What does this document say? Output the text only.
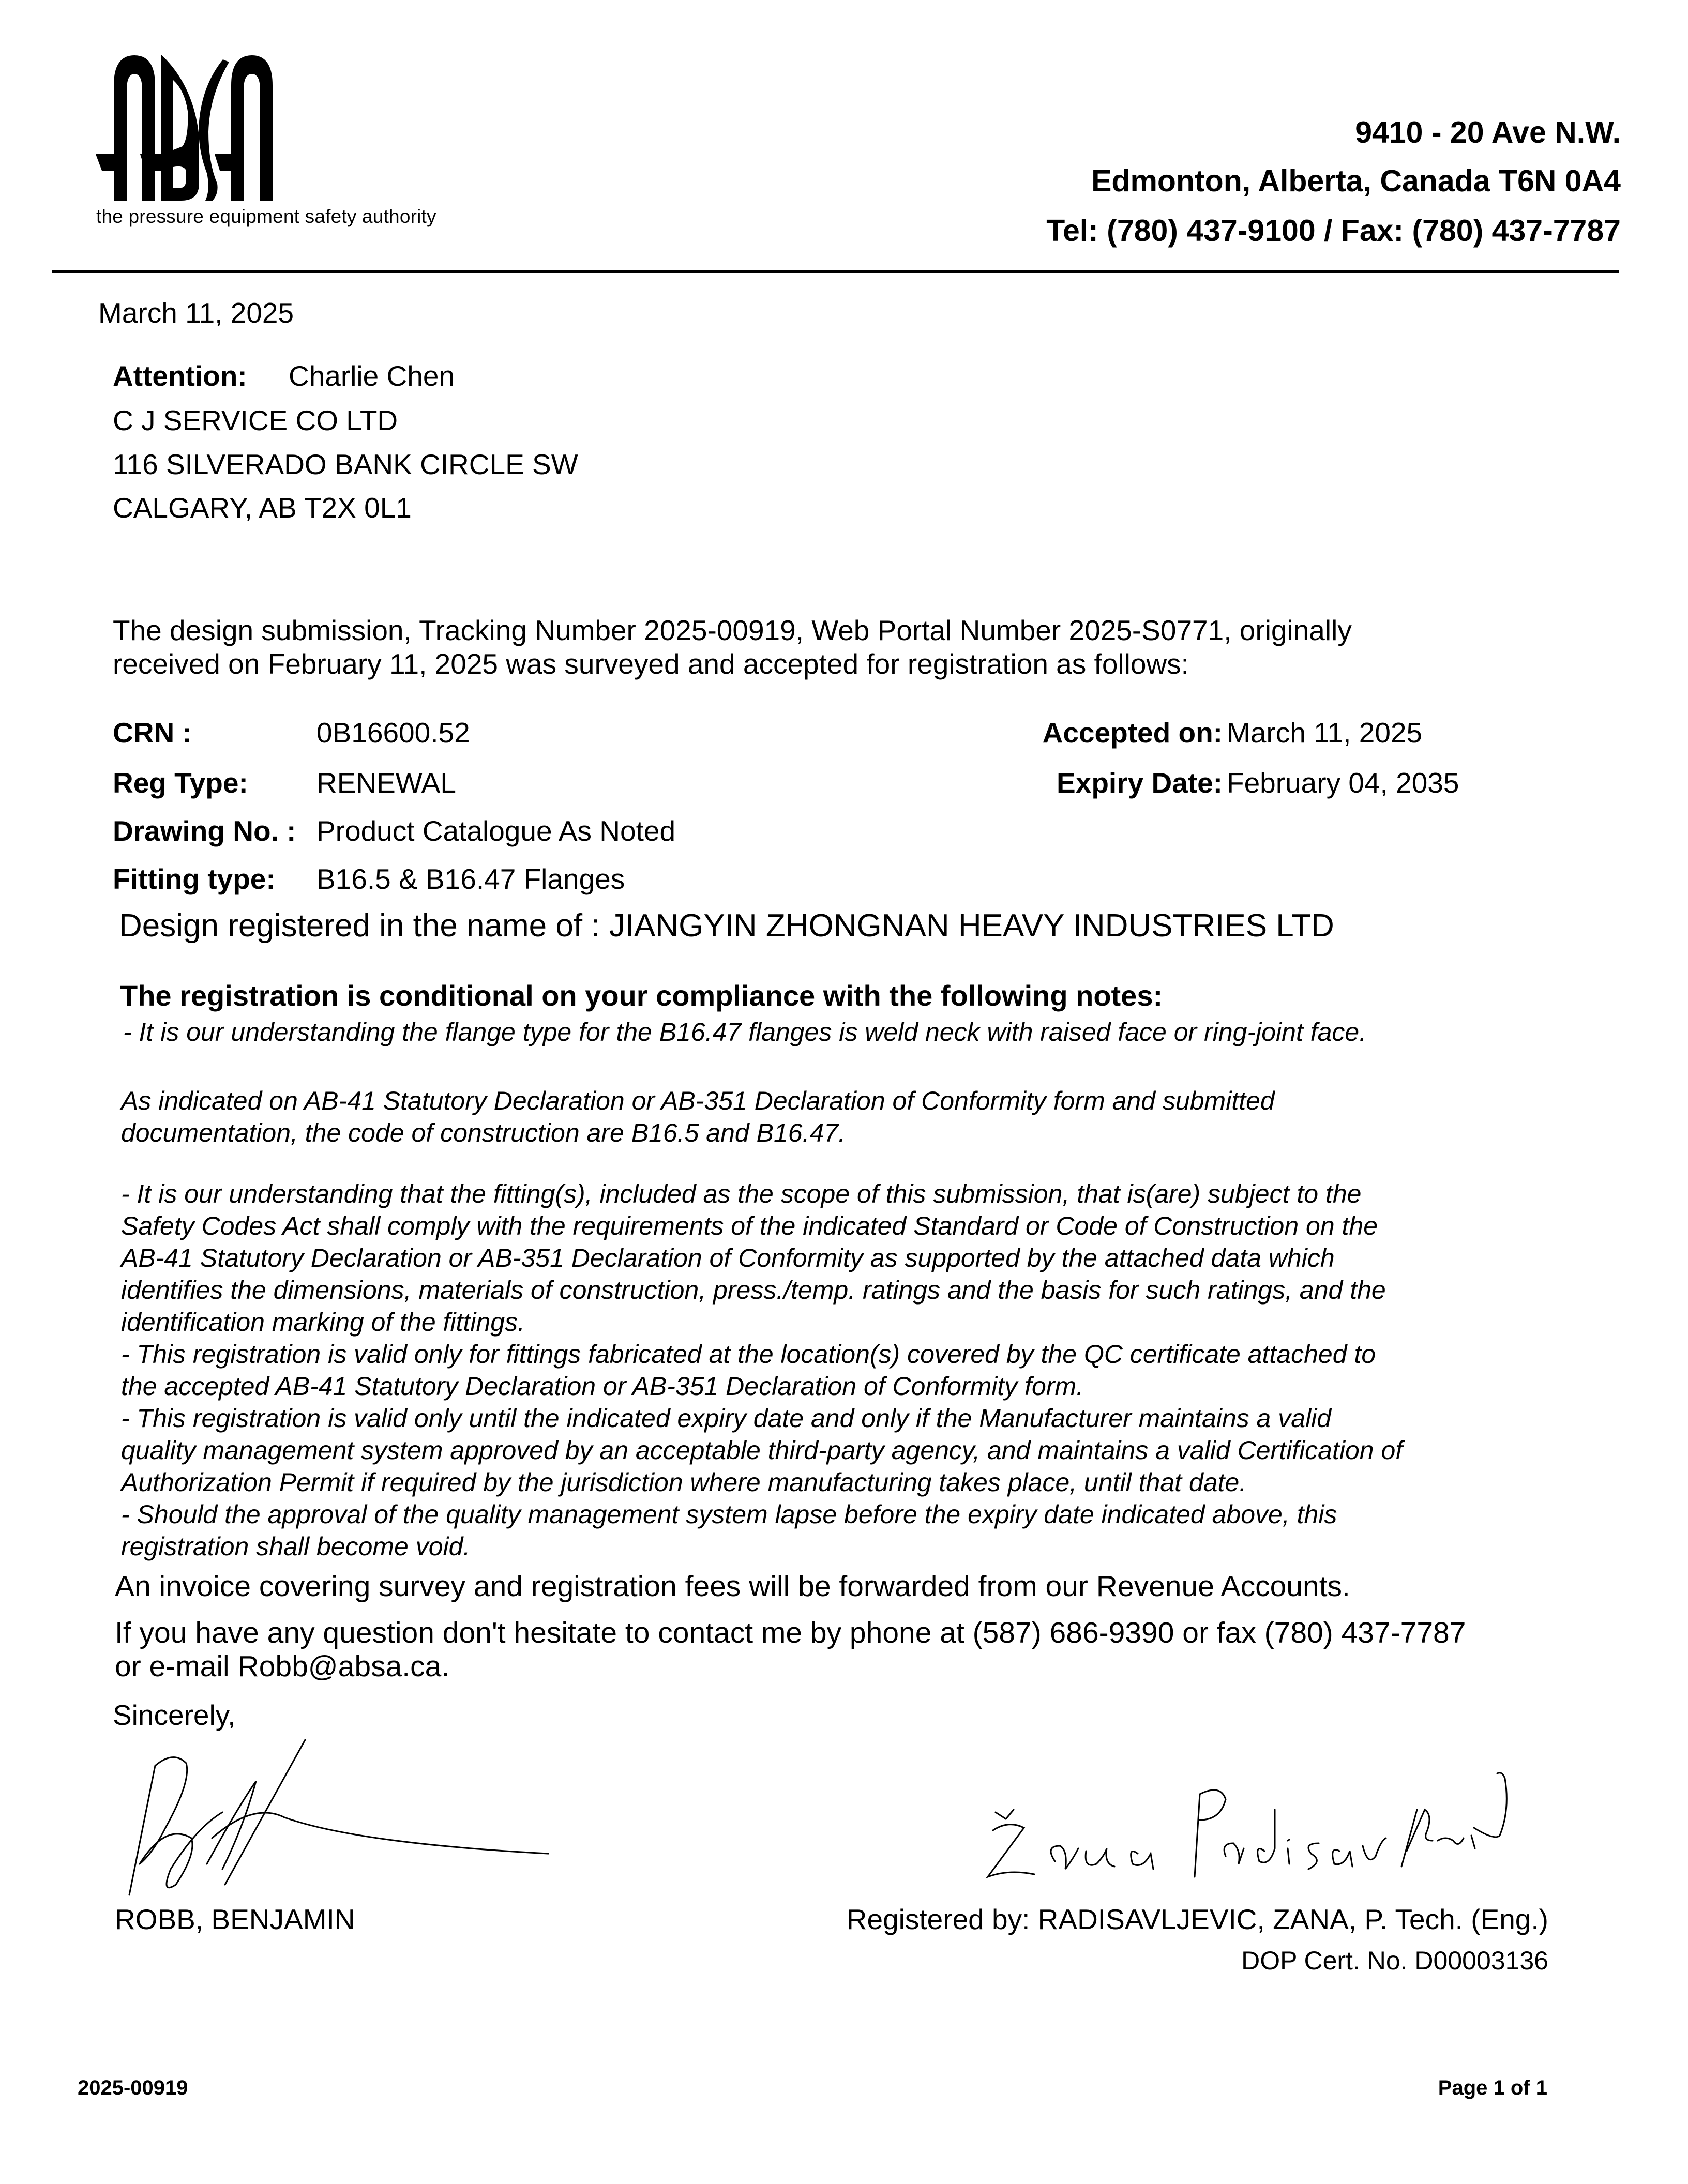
the pressure equipment safety authority
9410 - 20 Ave N.W.
Edmonton, Alberta, Canada T6N 0A4
Tel: (780) 437-9100 / Fax: (780) 437-7787
March 11, 2025
Attention: Charlie Chen
C J SERVICE CO LTD
116 SILVERADO BANK CIRCLE SW
CALGARY, AB T2X 0L1
The design submission, Tracking Number 2025-00919, Web Portal Number 2025-S0771, originally
received on February 11, 2025 was surveyed and accepted for registration as follows:
CRN :	0B16600.52
Reg Type: RENEWAL
Drawing No. : Product Catalogue As Noted
Fitting type: B16.5 & B16.47 Flanges
Accepted on: March 11, 2025
Expiry Date: February 04, 2035
Design registered in the name of : JIANGYIN ZHONGNAN HEAVY INDUSTRIES LTD
The registration is conditional on your compliance with the following notes:
- It is our understanding the flange type for the B16.47 flanges is weld neck with raised face or ring-joint face.
As indicated on AB-41 Statutory Declaration or AB-351 Declaration of Conformity form and submitted
documentation, the code of construction are B16.5 and B16.47.
- It is our understanding that the fitting(s), included as the scope of this submission, that is(are) subject to the
Safety Codes Act shall comply with the requirements of the indicated Standard or Code of Construction on the
AB-41 Statutory Declaration or AB-351 Declaration of Conformity as supported by the attached data which
identifies the dimensions, materials of construction, press./temp. ratings and the basis for such ratings, and the
identification marking of the fittings.
- This registration is valid only for fittings fabricated at the location(s) covered by the QC certificate attached to
the accepted AB-41 Statutory Declaration or AB-351 Declaration of Conformity form.
- This registration is valid only until the indicated expiry date and only if the Manufacturer maintains a valid
quality management system approved by an acceptable third-party agency, and maintains a valid Certification of
Authorization Permit if required by the jurisdiction where manufacturing takes place, until that date.
- Should the approval of the quality management system lapse before the expiry date indicated above, this
registration shall become void.
An invoice covering survey and registration fees will be forwarded from our Revenue Accounts.
If you have any question don't hesitate to contact me by phone at (587) 686-9390 or fax (780) 437-7787
or e-mail Robb@absa.ca.
Sincerely,
ROBB, BENJAMIN	Registered by: RADISAVLJEVIC, ZANA, P. Tech. (Eng.)
DOP Cert. No. D00003136
2025-00919	Page 1 of 1
